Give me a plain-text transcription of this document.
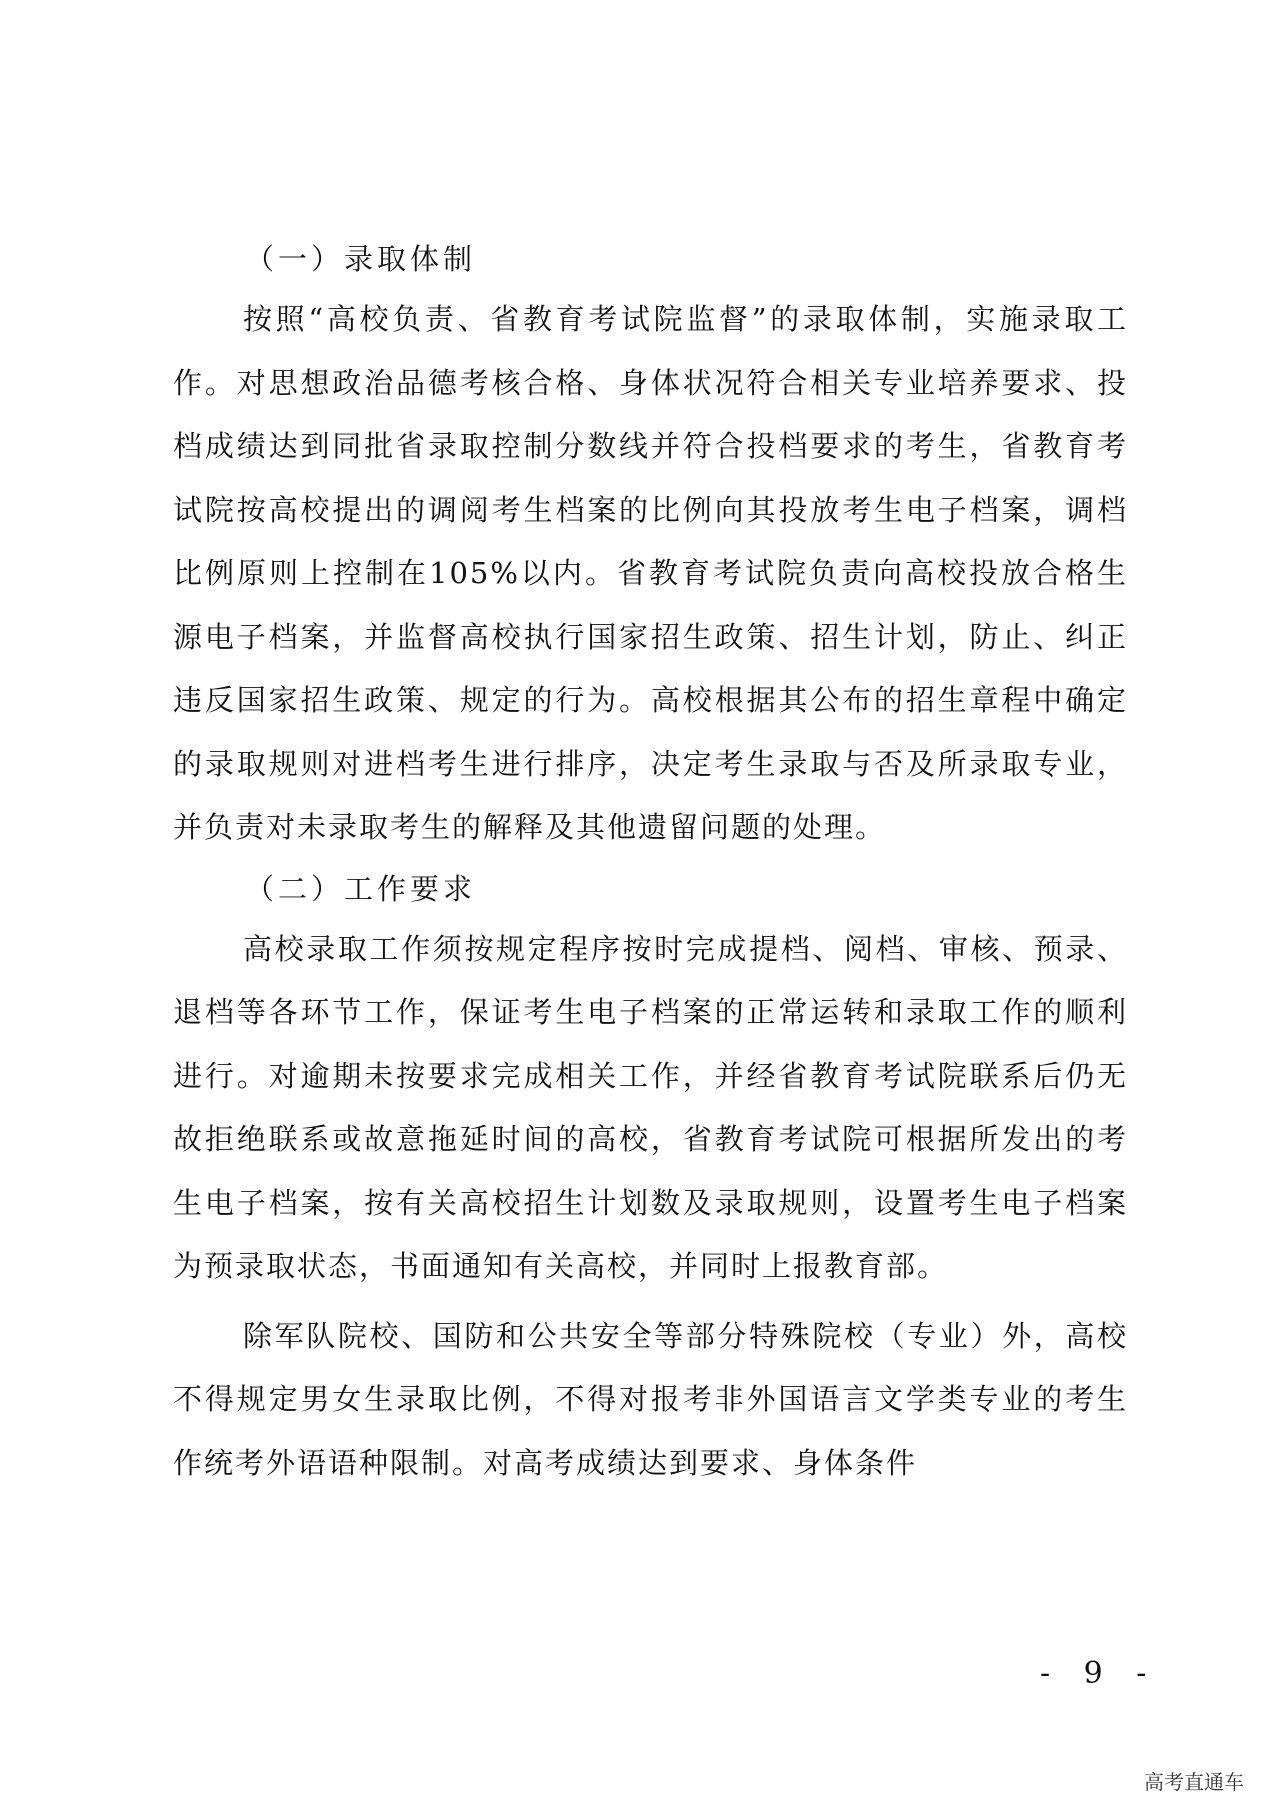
（一）录取体制

按照“高校负责、省教育考试院监督”的录取体制，实施录取工作。对思想政治品德考核合格、身体状况符合相关专业培养要求、投档成绩达到同批省录取控制分数线并符合投档要求的考生，省教育考试院按高校提出的调阅考生档案的比例向其投放考生电子档案，调档比例原则上控制在105%以内。省教育考试院负责向高校投放合格生源电子档案，并监督高校执行国家招生政策、招生计划，防止、纠正违反国家招生政策、规定的行为。高校根据其公布的招生章程中确定的录取规则对进档考生进行排序，决定考生录取与否及所录取专业，并负责对未录取考生的解释及其他遗留问题的处理。

（二）工作要求

高校录取工作须按规定程序按时完成提档、阅档、审核、预录、退档等各环节工作，保证考生电子档案的正常运转和录取工作的顺利进行。对逾期未按要求完成相关工作，并经省教育考试院联系后仍无故拒绝联系或故意拖延时间的高校，省教育考试院可根据所发出的考生电子档案，按有关高校招生计划数及录取规则，设置考生电子档案为预录取状态，书面通知有关高校，并同时上报教育部。

除军队院校、国防和公共安全等部分特殊院校（专业）外，高校不得规定男女生录取比例，不得对报考非外国语言文学类专业的考生作统考外语语种限制。对高考成绩达到要求、身体条件

- 9 -
高考直通车
